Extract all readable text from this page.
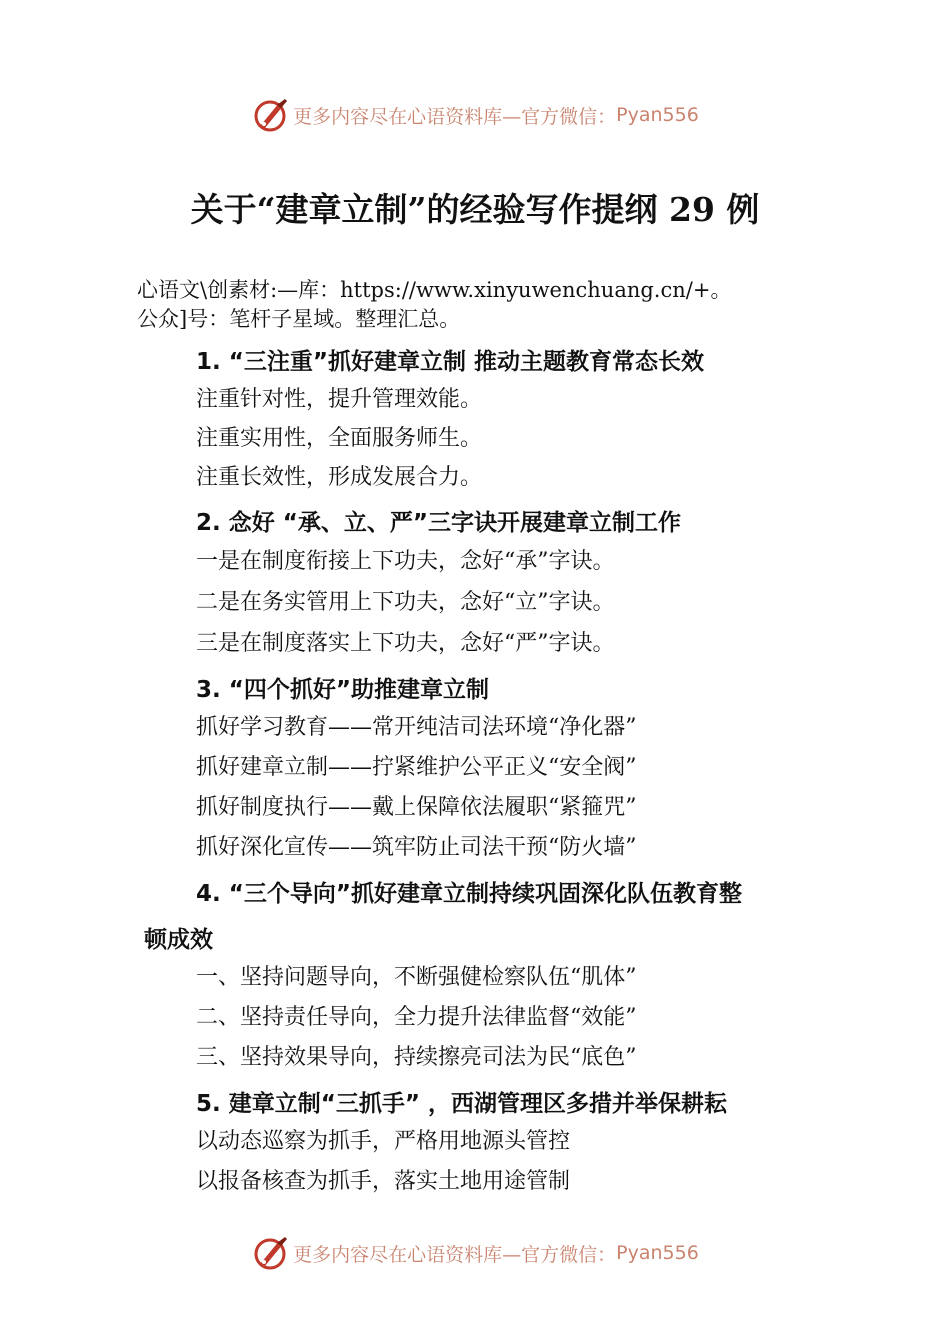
更多内容尽在心语资料库—官方微信： Pyan556
关于“建章立制”的经验写作提纲 29 例
心语文\创素材:—库：https://www.xinyuwenchuang.cn/+。
公众]号：笔杆子星域。整理汇总。
1. “三注重”抓好建章立制 推动主题教育常态长效
注重针对性，提升管理效能。
注重实用性，全面服务师生。
注重长效性，形成发展合力。
2. 念好 “承、立、严”三字诀开展建章立制工作
一是在制度衔接上下功夫，念好“承”字诀。
二是在务实管用上下功夫，念好“立”字诀。
三是在制度落实上下功夫，念好“严”字诀。
3. “四个抓好”助推建章立制
抓好学习教育——常开纯洁司法环境“净化器”
抓好建章立制——拧紧维护公平正义“安全阀”
抓好制度执行——戴上保障依法履职“紧箍咒”
抓好深化宣传——筑牢防止司法干预“防火墙”
4. “三个导向”抓好建章立制持续巩固深化队伍教育整
顿成效
一、坚持问题导向，不断强健检察队伍“肌体”
二、坚持责任导向，全力提升法律监督“效能”
三、坚持效果导向，持续擦亮司法为民“底色”
5. 建章立制“三抓手” ，西湖管理区多措并举保耕耘
以动态巡察为抓手，严格用地源头管控
以报备核查为抓手，落实土地用途管制
更多内容尽在心语资料库—官方微信： Pyan556
